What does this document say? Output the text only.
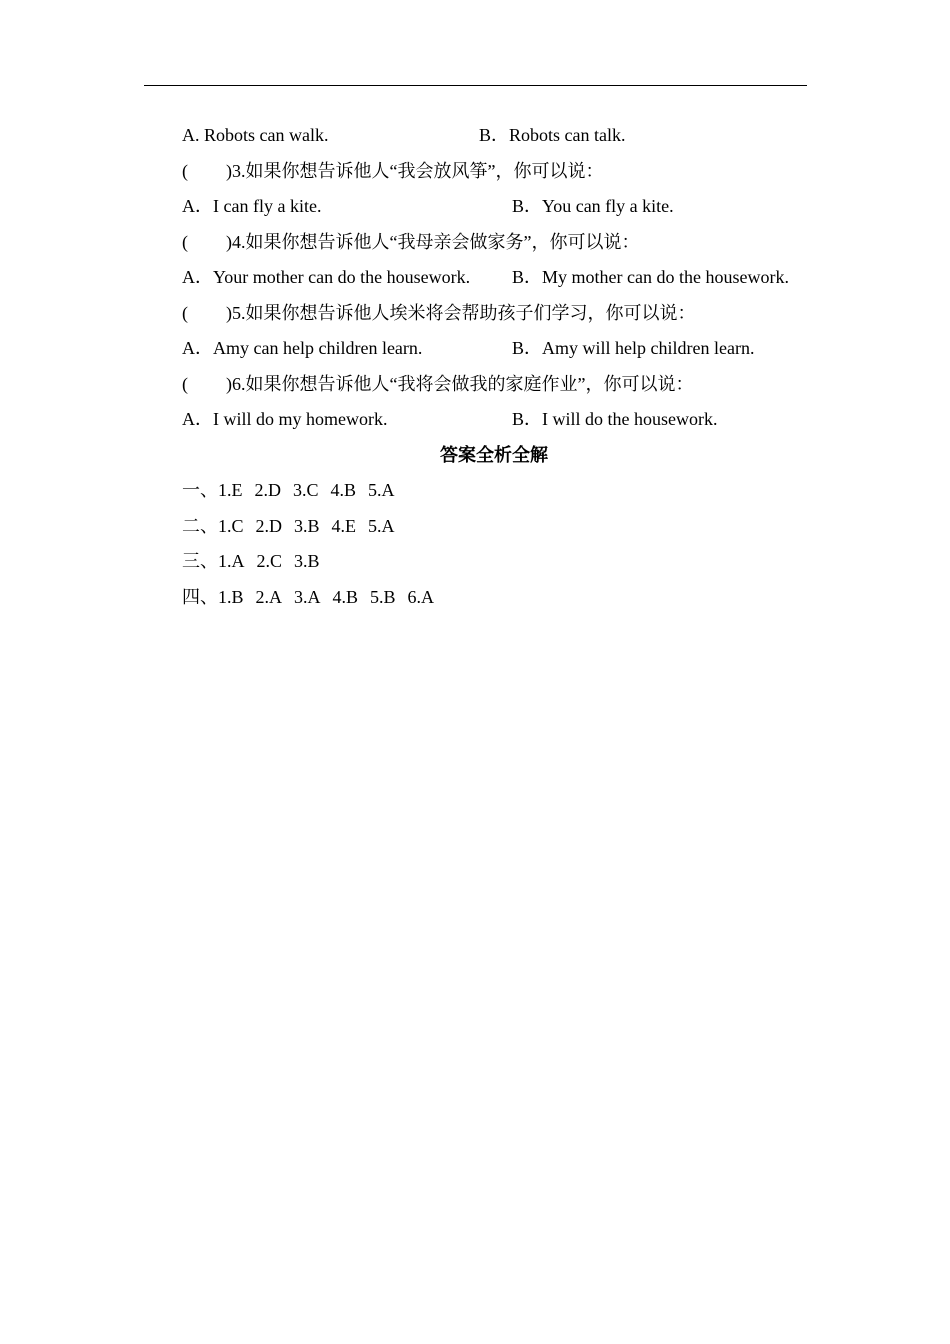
A. Robots can walk.	B．Robots can talk.
( )3.如果你想告诉他人“我会放风筝”，你可以说：
A．I can fly a kite.	B．You can fly a kite.
( )4.如果你想告诉他人“我母亲会做家务”，你可以说：
A．Your mother can do the housework. B．My mother can do the housework.
( )5.如果你想告诉他人埃米将会帮助孩子们学习，你可以说：
A．Amy can help children learn.	B．Amy will help children learn.
( )6.如果你想告诉他人“我将会做我的家庭作业”，你可以说：
A．I will do my homework.	B．I will do the housework.
答案全析全解
一、1.E 2.D 3.C 4.B 5.A
二、1.C 2.D 3.B 4.E 5.A
三、1.A 2.C 3.B
四、1.B 2.A 3.A 4.B 5.B 6.A
